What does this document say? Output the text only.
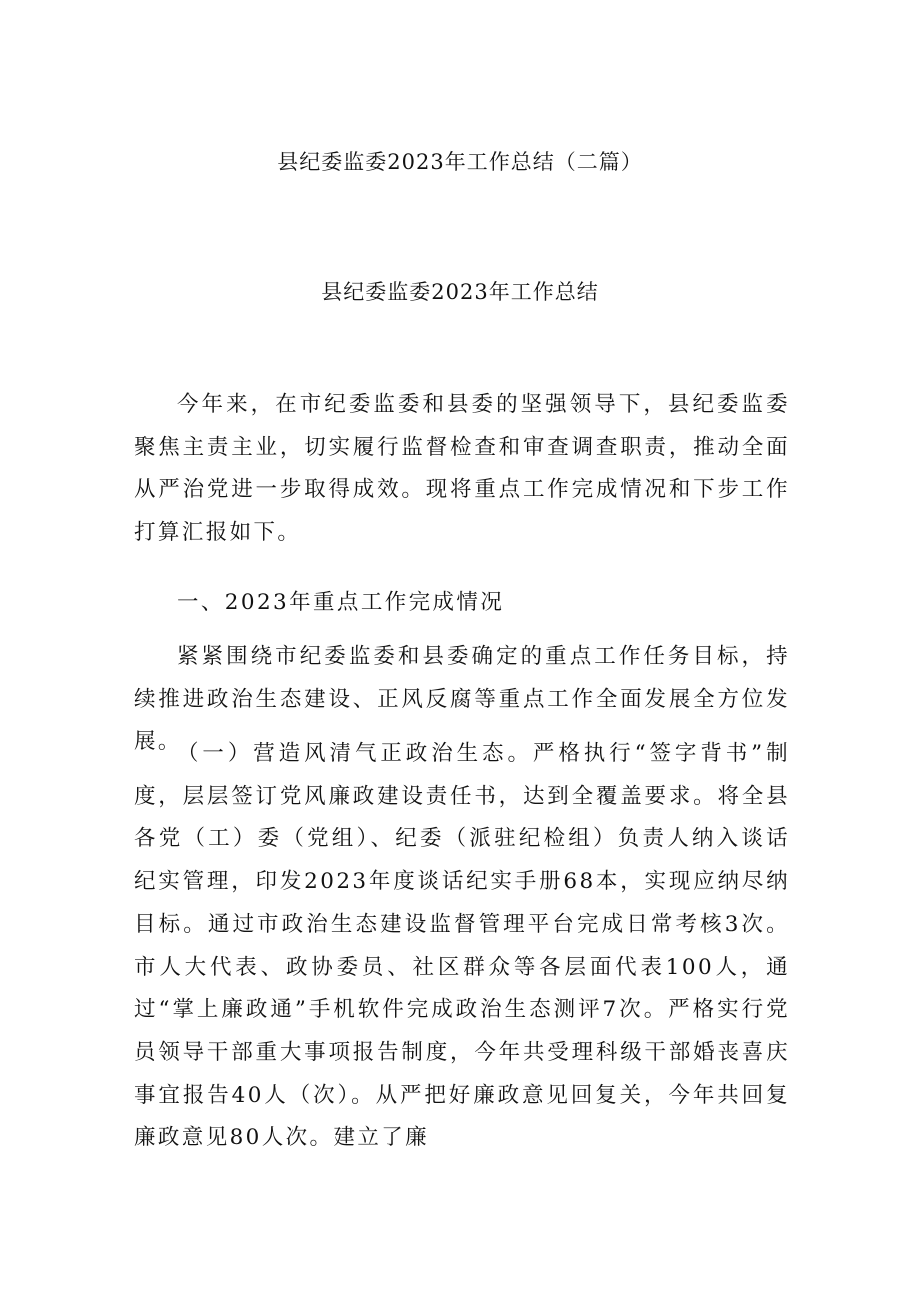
县纪委监委2023年工作总结（二篇）
县纪委监委2023年工作总结

今年来，在市纪委监委和县委的坚强领导下，县纪委监委聚焦主责主业，切实履行监督检查和审查调查职责，推动全面从严治党进一步取得成效。现将重点工作完成情况和下步工作打算汇报如下。

一、2023年重点工作完成情况

紧紧围绕市纪委监委和县委确定的重点工作任务目标，持续推进政治生态建设、正风反腐等重点工作全面发展全方位发展。

（一）营造风清气正政治生态。严格执行“签字背书”制度，层层签订党风廉政建设责任书，达到全覆盖要求。将全县各党（工）委（党组）、纪委（派驻纪检组）负责人纳入谈话纪实管理，印发2023年度谈话纪实手册68本，实现应纳尽纳目标。通过市政治生态建设监督管理平台完成日常考核3次。市人大代表、政协委员、社区群众等各层面代表100人，通过“掌上廉政通”手机软件完成政治生态测评7次。严格实行党员领导干部重大事项报告制度，今年共受理科级干部婚丧喜庆事宜报告40人（次）。从严把好廉政意见回复关，今年共回复廉政意见80人次。建立了廉
